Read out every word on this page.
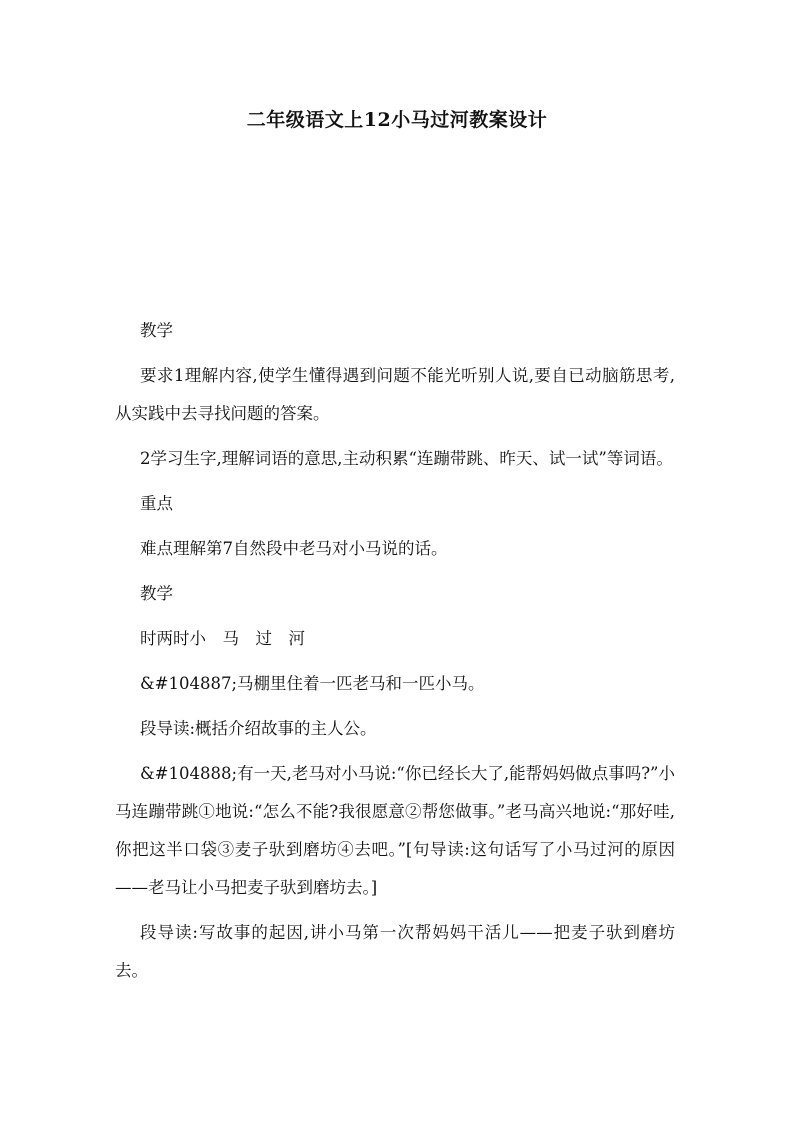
二年级语文上12小马过河教案设计

教学

要求1理解内容,使学生懂得遇到问题不能光听别人说,要自已动脑筋思考,从实践中去寻找问题的答案。

2学习生字,理解词语的意思,主动积累“连蹦带跳、昨天、试一试”等词语。

重点

难点理解第7自然段中老马对小马说的话。

教学

时两时小　马　过　河

&#104887;马棚里住着一匹老马和一匹小马。

段导读:概括介绍故事的主人公。

&#104888;有一天,老马对小马说:“你已经长大了,能帮妈妈做点事吗?”小马连蹦带跳①地说:“怎么不能?我很愿意②帮您做事。”老马高兴地说:“那好哇,你把这半口袋③麦子驮到磨坊④去吧。”[句导读:这句话写了小马过河的原因——老马让小马把麦子驮到磨坊去。]

段导读:写故事的起因,讲小马第一次帮妈妈干活儿——把麦子驮到磨坊去。
